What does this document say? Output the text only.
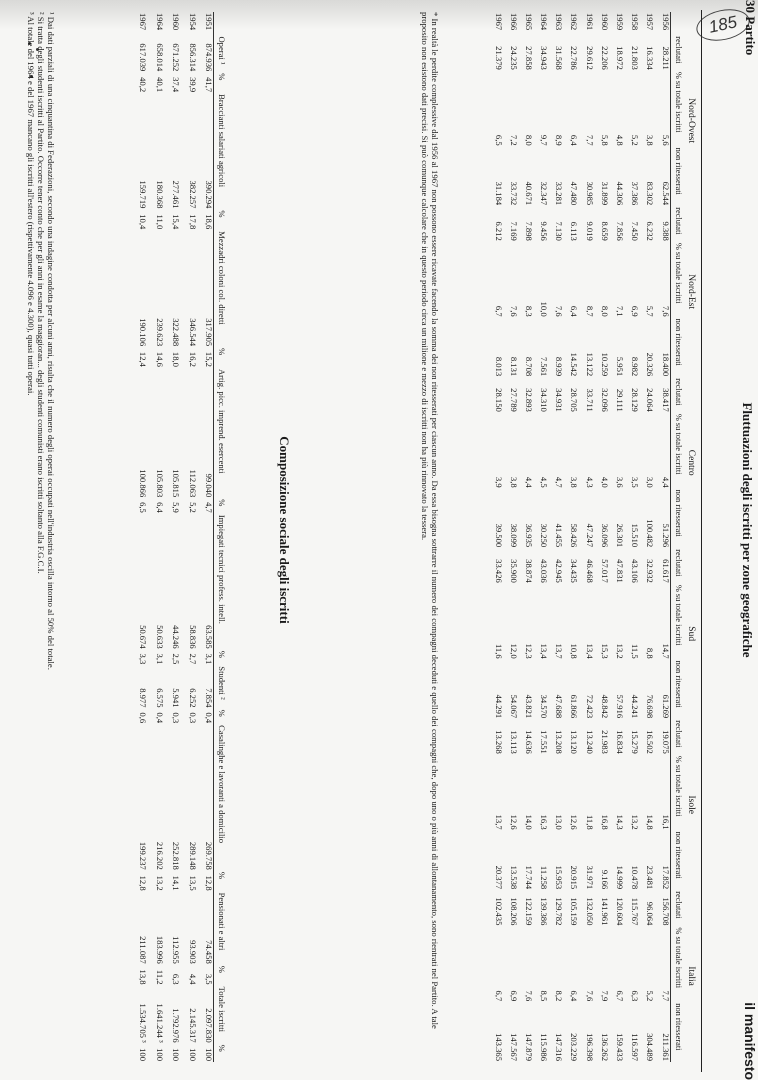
185 30 Partito
il manifesto
Fluttuazioni degli iscritti per zone geografiche
	Nord-Ovest			Nord-Est			Centro			Sud			Isole			Italia		
	reclutati	% su totale iscritti	non ritesserati	reclutati	% su totale iscritti	non ritesserati	reclutati	% su totale iscritti	non ritesserati	reclutati	% su totale iscritti	non ritesserati	reclutati	% su totale iscritti	non ritesserati	reclutati	% su totale iscritti	non ritesserati
1956	28.211	5,6	62.544	9.388	7,6	18.400	38.417	4,4	51.296	61.617	14,7	61.269	19.075	16,1	17.852	156.708	7,7	211.361
1957	16.334	3,8	83.302	6.232	5,7	20.326	24.064	3,0	100.482	32.932	8,8	76.698	16.502	14,8	23.481	96.064	5,2	304.489
1958	21.803	5,2	37.386	7.450	6,9	8.982	28.129	3,5	15.510	43.106	11,5	44.241	15.279	13,2	10.478	115.767	6,3	116.597
1959	18.972	4,8	44.306	7.856	7,1	5.951	29.111	3,6	26.301	47.831	13,2	57.916	16.834	14,3	14.999	120.604	6,7	159.433
1960	22.206	5,8	31.899	8.659	8,0	10.259	32.096	4,0	36.096	57.017	15,3	48.842	21.983	16,8	9.166	141.961	7,9	136.262
1961	29.612	7,7	30.985	9.019	8,7	13.122	33.711	4,3	47.247	46.468	13,4	72.423	13.240	11,8	31.971	132.050	7,6	196.398
1962	22.786	6,4	47.480	6.113	6,4	14.542	28.705	3,8	58.426	34.435	10,8	61.866	13.120	12,6	20.915	105.159	6,4	203.229
1963	31.568	8,9	33.281	7.130	7,6	8.939	34.931	4,7	41.455	42.945	13,7	47.688	13.208	13,0	15.953	129.782	8,2	147.316
1964	34.943	9,7	32.347	9.456	10,0	7.561	34.310	4,5	30.250	43.036	13,4	34.570	17.551	16,3	11.258	139.386	8,5	115.986
1965	27.858	8,0	40.671	7.898	8,3	8.708	32.893	4,4	36.935	38.874	12,3	43.821	14.636	14,0	17.744	122.159	7,6	147.879
1966	24.235	7,2	33.732	7.169	7,6	8.131	27.789	3,8	38.099	35.900	12,0	54.067	13.113	12,6	13.538	108.206	6,9	147.567
1967	21.379	6,5	31.184	6.212	6,7	8.013	28.150	3,9	39.500	33.426	11,6	44.291	13.268	13,7	20.377	102.435	6,7	143.365
* In realtà le perdite complessive dal 1956 al 1967 non possono essere ricavate facendo la somma dei non ritesserati per ciascun anno. Da essa bisogna sottrarre il numero dei compagni deceduti e quello dei compagni che, dopo uno o più anni di allontanamento, sono rientrati nel Partito. A tale proposito non esistono dati precisi. Si può comunque calcolare che in questo periodo circa un milione e mezzo di iscritti non ha più rinnovato la tessera.
Composizione sociale degli iscritti
	Operai ¹	%	Braccianti salariati agricoli	%	Mezzadri coloni col. diretti	%	Artig. picc. imprend. esercenti	%	Impiegati tecnici profess. intell.	%	Studenti ²	%	Casalinghe e lavoranti a domicilio	%	Pensionati e altri	%	Totale iscritti	%
1951	874.936	41,7	390.294	18,6	317.905	15,2	99.040	4,7	63.585	3,1	7.854	0,4	269.758	12,8	74.458	3,5	2.097.830	100
1954	856.314	39,9	382.257	17,8	346.544	16,2	112.063	5,2	58.836	2,7	6.252	0,3	289.148	13,5	93.903	4,4	2.145.317	100
1960	671.252	37,4	277.461	15,4	322.488	18,0	105.815	5,9	44.246	2,5	5.941	0,3	252.818	14,1	112.955	6,3	1.792.976	100
1964	658.014	40,1	180.368	11,0	239.623	14,6	105.803	6,4	50.633	3,1	6.575	0,4	216.202	13,2	183.996	11,2	1.641.244 ³	100
1967	617.039	40,2	159.719	10,4	190.106	12,4	100.866	6,5	50.674	3,3	8.977	0,6	199.237	12,8	211.087	13,8	1.534.705 ³	100
¹ Dai dati parziali di una cinquantina di Federazioni, secondo una indagine condotta per alcuni anni, risulta che il numero degli operai occupati nell'industria oscilla intorno al 50% del totale.
² Si tratta degli studenti iscritti al Partito. Occorre tener conto che per gli anni in esame la maggioran... degli studenti comunisti erano iscritti soltanto alla F.G.C.I.
³ Al totale del 1964 e del 1967 mancano gli iscritti all'estero (rispettivamente 4.096 e 4.300), quasi tutti operai.
